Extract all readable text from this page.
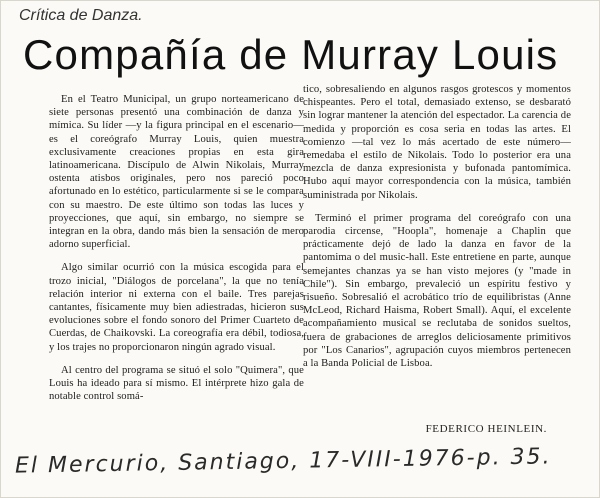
Crítica de Danza.
Compañía de Murray Louis

En el Teatro Municipal, un grupo norteamericano de siete personas presentó una combinación de danza y mímica. Su líder —y la figura principal en el escenario— es el coreógrafo Murray Louis, quien muestra exclusivamente creaciones propias en esta gira latinoamericana. Discípulo de Alwin Nikolais, Murray ostenta atisbos originales, pero nos pareció poco afortunado en lo estético, particularmente si se le compara con su maestro. De este último son todas las luces y proyecciones, que aquí, sin embargo, no siempre se integran en la obra, dando más bien la sensación de mero adorno superficial.

Algo similar ocurrió con la música escogida para el trozo inicial, "Diálogos de porcelana", la que no tenía relación interior ni externa con el baile. Tres parejas cantantes, físicamente muy bien adiestradas, hicieron sus evoluciones sobre el fondo sonoro del Primer Cuarteto de Cuerdas, de Chaikovski. La coreografía era débil, todiosa, y los trajes no proporcionaron ningún agrado visual.

Al centro del programa se situó el solo "Quimera", que Louis ha ideado para sí mismo. El intérprete hizo gala de notable control somá-

tico, sobresaliendo en algunos rasgos grotescos y momentos chispeantes. Pero el total, demasiado extenso, se desbarató sin lograr mantener la atención del espectador. La carencia de medida y proporción es cosa seria en todas las artes. El comienzo —tal vez lo más acertado de este número— remedaba el estilo de Nikolais. Todo lo posterior era una mezcla de danza expresionista y bufonada pantomímica. Hubo aquí mayor correspondencia con la música, también suministrada por Nikolais.

Terminó el primer programa del coreógrafo con una parodia circense, "Hoopla", homenaje a Chaplin que prácticamente dejó de lado la danza en favor de la pantomima o del music-hall. Este entretiene en parte, aunque semejantes chanzas ya se han visto mejores (y "made in Chile"). Sin embargo, prevaleció un espíritu festivo y risueño. Sobresalió el acrobático trío de equilibristas (Anne McLeod, Richard Haisma, Robert Small). Aquí, el excelente acompañamiento musical se reclutaba de sonidos sueltos, fuera de grabaciones de arreglos deliciosamente primitivos por "Los Canarios", agrupación cuyos miembros pertenecen a la Banda Policial de Lisboa.

FEDERICO HEINLEIN.
El Mercurio, Santiago, 17-VIII-1976-p. 35.
